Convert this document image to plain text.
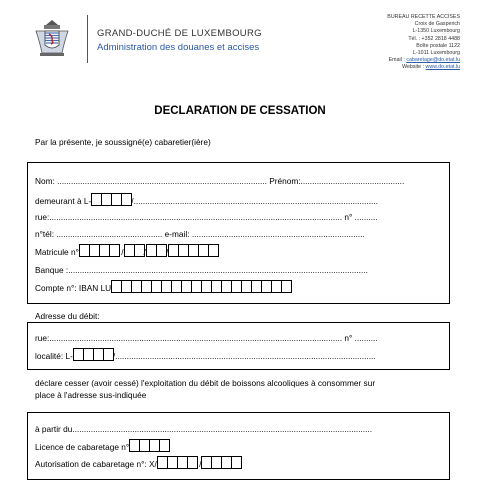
GRAND-DUCHÉ DE LUXEMBOURG
Administration des douanes et accises
BUREAU RECETTE ACCISES
Croix de Gasperich
L-1350 Luxembourg
Tél. : +352 2818 4488
Boîte postale 1122
L-1011 Luxembourg
Email : cabaretage@do.etat.lu
Website : www.do.etat.lu
DECLARATION DE CESSATION
Par la présente, je soussigné(e) cabaretier(ière)
Nom: ........................................................................................... Prénom:.............................................
demeurant à L-	/..........................................................................................................
rue:............................................................................................................................... n° ..........
n°tél: .............................................. e-mail: ...........................................................................
Matricule n°	/ / /
Banque :..................................................................................................................................
Compte n°: IBAN LU
Adresse du débit:
rue:............................................................................................................................... n° ..........
localité: L-	/.................................................................................................................
déclare cesser (avoir cessé) l'exploitation du débit de boissons alcooliques à consommer sur
place à l'adresse sus-indiquée
à partir du..................................................................................................................................
Licence de cabaretage n°
Autorisation de cabaretage n°: X/	/
